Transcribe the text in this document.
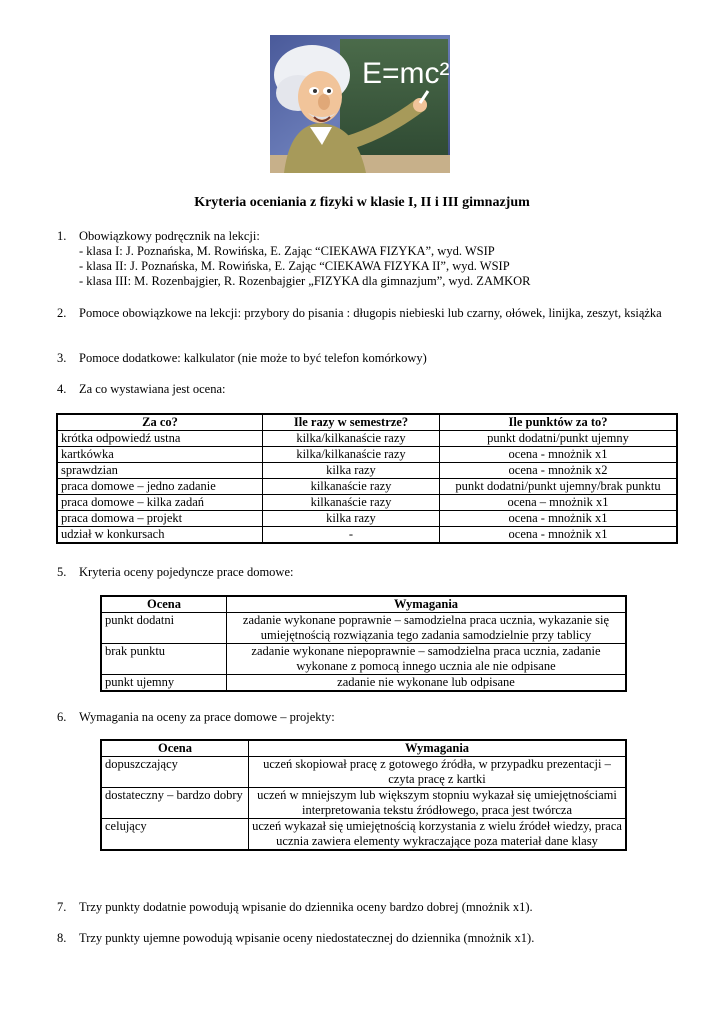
E=mc²
Kryteria oceniania z fizyki w klasie I, II i III gimnazjum
1. Obowiązkowy podręcznik na lekcji:
- klasa I: J. Poznańska, M. Rowińska, E. Zając “CIEKAWA FIZYKA”, wyd. WSIP
- klasa II: J. Poznańska, M. Rowińska, E. Zając “CIEKAWA FIZYKA II”, wyd. WSIP
- klasa III: M. Rozenbajgier, R. Rozenbajgier „FIZYKA dla gimnazjum”, wyd. ZAMKOR
2. Pomoce obowiązkowe na lekcji: przybory do pisania : długopis niebieski lub czarny, ołówek, linijka, zeszyt, książka
3. Pomoce dodatkowe: kalkulator (nie może to być telefon komórkowy)
4. Za co wystawiana jest ocena:
Za co?	Ile razy w semestrze?	Ile punktów za to?
krótka odpowiedź ustna	kilka/kilkanaście razy	punkt dodatni/punkt ujemny
kartkówka	kilka/kilkanaście razy	ocena - mnożnik x1
sprawdzian	kilka razy	ocena - mnożnik x2
praca domowe – jedno zadanie	kilkanaście razy	punkt dodatni/punkt ujemny/brak punktu
praca domowe – kilka zadań	kilkanaście razy	ocena – mnożnik x1
praca domowa – projekt	kilka razy	ocena - mnożnik x1
udział w konkursach	-	ocena - mnożnik x1
5. Kryteria oceny pojedyncze prace domowe:
Ocena	Wymagania
punkt dodatni	zadanie wykonane poprawnie – samodzielna praca ucznia, wykazanie się umiejętnością rozwiązania tego zadania samodzielnie przy tablicy
brak punktu	zadanie wykonane niepoprawnie – samodzielna praca ucznia, zadanie wykonane z pomocą innego ucznia ale nie odpisane
punkt ujemny	zadanie nie wykonane lub odpisane
6. Wymagania na oceny za prace domowe – projekty:
Ocena	Wymagania
dopuszczający	uczeń skopiował pracę z gotowego źródła, w przypadku prezentacji – czyta pracę z kartki
dostateczny – bardzo dobry	uczeń w mniejszym lub większym stopniu wykazał się umiejętnościami interpretowania tekstu źródłowego, praca jest twórcza
celujący	uczeń wykazał się umiejętnością korzystania z wielu źródeł wiedzy, praca ucznia zawiera elementy wykraczające poza materiał dane klasy
7. Trzy punkty dodatnie powodują wpisanie do dziennika oceny bardzo dobrej (mnożnik x1).
8. Trzy punkty ujemne powodują wpisanie oceny niedostatecznej do dziennika (mnożnik x1).
